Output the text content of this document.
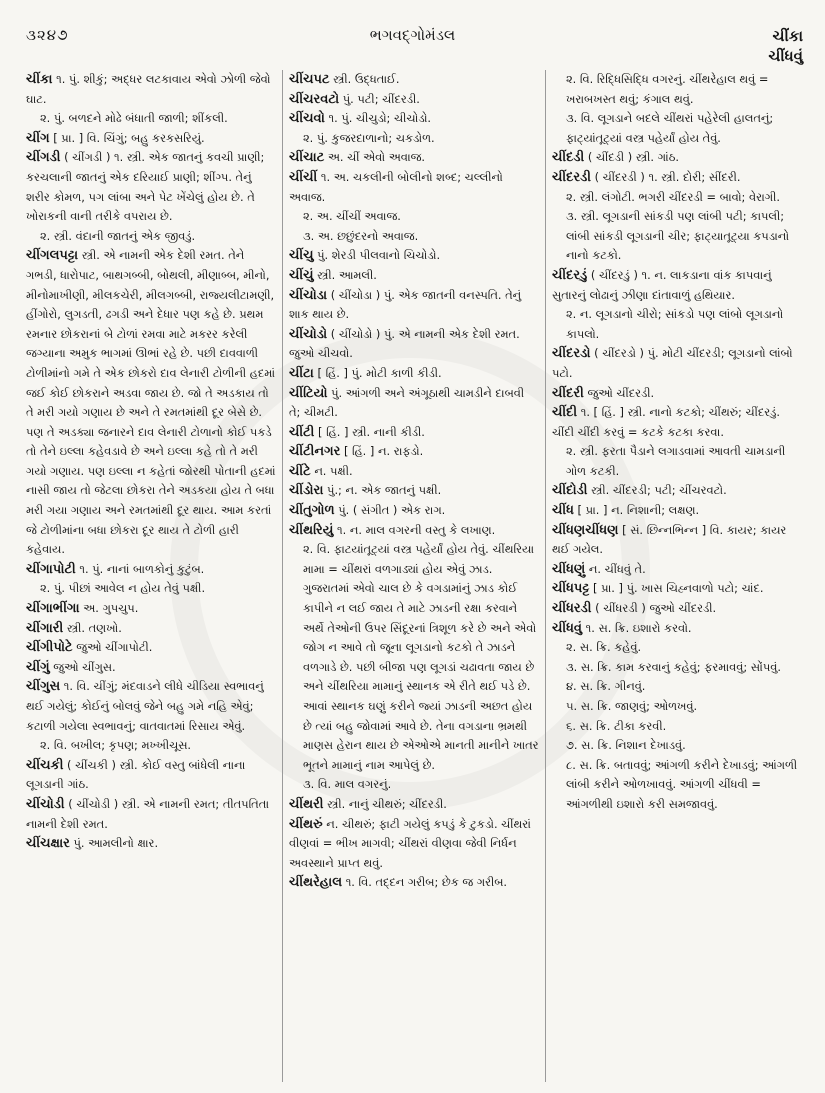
૩૨૪૭	ભગવદ્ગોમંડલ	ચીંકા
ચીંધવું
ચીંકા ૧. પું. શીકું; અદ્ધર લટકાવાય એવો ઝોળી જેવો ઘાટ.
૨. પું. બળદને મોઢે બંધાતી જાળી; શીંકલી.
ચીંગ [ પ્રા. ] વિ. ચિંગું; બહુ કરકસરિયું.
ચીંગડી ( ચીંગડી ) ૧. સ્ત્રી. એક જાતનું કવચી પ્રાણી; કરચલાની જાતનું એક દરિયાઈ પ્રાણી; શીંગ્પ. તેનું શરીર કોમળ, પગ લાંબા અને પેટ ખેંચેલું હોય છે. તે ખોરાકની વાની તરીકે વપરાય છે.
૨. સ્ત્રી. વંદાની જાતનું એક જીવડું.
ચીંગલપટ્ટા સ્ત્રી. એ નામની એક દેશી રમત. તેને ગભડી, ધારોપાટ, બાથગબ્બી, બોથલી, મીણાબ્બ, મીનો, મીનોમાખીણી, મીલકચેરી, મીલગબ્બી, રાજ્યલીટામણી, હીંગોરો, લુગડતી, ઢગડી અને દેધાર પણ કહે છે. પ્રથમ રમનાર છોકરાનાં બે ટોળાં રમવા માટે મકરર કરેલી જગ્યાના અમુક ભાગમાં ઊભાં રહે છે. પછી દાવવાળી ટોળીમાંનો ગમે તે એક છોકરો દાવ લેનારી ટોળીની હદમાં જઈ કોઈ છોકરાને અડવા જાય છે. જો તે અડકાય તો તે મરી ગયો ગણાય છે અને તે રમતમાંથી દૂર બેસે છે. પણ તે અડક્યા જનારને દાવ લેનારી ટોળાનો કોઈ પકડે તો તેને ઇલ્લા કહેવડાવે છે અને ઇલ્લા કહે તો તે મરી ગયો ગણાય. પણ ઇલ્લા ન કહેતાં જોરથી પોતાની હદમાં નાસી જાય તો જેટલા છોકરા તેને અડકયા હોય તે બધા મરી ગયા ગણાય અને રમતમાંથી દૂર થાય. આમ કરતાં જે ટોળીમાંના બધા છોકરા દૂર થાય તે ટોળી હારી કહેવાય.
ચીંગાપોટી ૧. પું. નાનાં બાળકોનું કુટુંબ.
૨. પું. પીછાં આવેલ ન હોય તેવું પક્ષી.
ચીંગાભીંગા અ. ગુપચુપ.
ચીંગારી સ્ત્રી. તણખો.
ચીંગીપોટે જુઓ ચીંગાપોટી.
ચીંગું જુઓ ચીંગુસ.
ચીંગુસ ૧. વિ. ચીંગું; મંદવાડને લીધે ચીડિયા સ્વભાવનું થઈ ગયેલું; કોઈનું બોલવું જેને બહુ ગમે નહિ એવું; કટાળી ગયેલા સ્વભાવનું; વાતવાતમાં રિસાય એવું.
૨. વિ. બખીલ; કૃપણ; મખ્ખીચૂસ.
ચીંચકી ( ચીંચકી ) સ્ત્રી. કોઈ વસ્તુ બાંધેલી નાના લૂગડાની ગાંઠ.
ચીંચોડી ( ચીંચોડી ) સ્ત્રી. એ નામની રમત; તીતપતિતા નામની દેશી રમત.
ચીંચક્ષાર પું. આમલીનો ક્ષાર.
ચીંચપટ સ્ત્રી. ઉદ્ધતાઈ.
ચીંચરવટો પું. પટી; ચીંદરડી.
ચીંચવો ૧. પું. ચીચુડો; ચીચોડો.
૨. પું. કુજરદાળાનો; ચકડોળ.
ચીંચાટ અ. ચીં એવો અવાજ.
ચીંચીં ૧. અ. ચકલીની બોલીનો શબ્દ; ચલ્લીનો અવાજ.
૨. અ. ચીંચીં અવાજ.
૩. અ. છછુંદરનો અવાજ.
ચીંચુ પું. શેરડી પીલવાનો ચિચોડો.
ચીંચું સ્ત્રી. આમલી.
ચીંચોડા ( ચીંચોડા ) પું. એક જાતની વનસ્પતિ. તેનું શાક થાય છે.
ચીંચોડો ( ચીંચોડો ) પું. એ નામની એક દેશી રમત. જુઓ ચીચવો.
ચીંટા [ હિં. ] પું. મોટી કાળી કીડી.
ચીંટિયો પું. આંગળી અને અંગૂઠાથી ચામડીને દાબવી તે; ચીમટી.
ચીંટી [ હિં. ] સ્ત્રી. નાની કીડી.
ચીંટીનગર [ હિં. ] ન. રાફડો.
ચીંટે ન. પક્ષી.
ચીંડોરા પું.; ન. એક જાતનું પક્ષી.
ચીંતુગોળ પું. ( સંગીત ) એક રાગ.
ચીંથરિયું ૧. ન. માલ વગરની વસ્તુ કે લખાણ.
૨. વિ. ફાટયાંતૂટ્યાં વસ્ત્ર પહેર્યાં હોય તેવું. ચીંથરિયા મામા = ચીંથરાં વળગાડ્યાં હોય એવું ઝાડ. ગુજરાતમાં એવો ચાલ છે કે વગડામાંનું ઝાડ કોઈ કાપીને ન લઈ જાય તે માટે ઝાડની રક્ષા કરવાને અર્થે તેઓની ઉપર સિંદૂરનાં ત્રિશૂળ કરે છે અને એવો જોગ ન આવે તો જૂના લૂગડાનો કટકો તે ઝાડને વળગાડે છે. પછી બીજા પણ લૂગડાં ચઢાવતા જાય છે અને ચીંથરિયા મામાનું સ્થાનક એ રીતે થઈ પડે છે. આવાં સ્થાનક ઘણું કરીને જ્યાં ઝાડની અછત હોય છે ત્યાં બહુ જોવામાં આવે છે. તેના વગડાના ભ્રમથી માણસ હેરાન થાય છે એઓએ માનતી માનીને ખાતર ભૂતને મામાનું નામ આપેલું છે.
૩. વિ. માલ વગરનું.
ચીંથરી સ્ત્રી. નાનું ચીથરું; ચીંદરડી.
ચીંથરું ન. ચીથરું; ફાટી ગયેલું કપડું કે ટુકડો. ચીંથરાં વીણવાં = ભીખ માગવી; ચીંથરાં વીણવા જેવી નિર્ધન અવસ્થાને પ્રાપ્ત થવું.
ચીંથરેહાલ ૧. વિ. તદ્દન ગરીબ; છેક જ ગરીબ.
૨. વિ. રિદ્ધિસિદ્ધિ વગરનું. ચીંથરેહાલ થવું = ખરાબખસ્ત થવું; કંગાલ થવું.
૩. વિ. લૂગડાને બદલે ચીંથરાં પહેરેલી હાલતનું; ફાટ્યાંતૂટ્યાં વસ્ત્ર પહેર્યાં હોય તેવું.
ચીંદડી ( ચીંદડી ) સ્ત્રી. ગાંઠ.
ચીંદરડી ( ચીંદરડી ) ૧. સ્ત્રી. દોરી; સીંદરી.
૨. સ્ત્રી. લંગોટી. ભગરી ચીંદરડી = બાવો; વેરાગી.
૩. સ્ત્રી. લૂગડાની સાંકડી પણ લાંબી પટી; કાપલી; લાંબી સાંકડી લૂગડાની ચીર; ફાટ્યાતૂટ્યા કપડાનો નાનો કટકો.
ચીંદરડું ( ચીંદરડું ) ૧. ન. લાકડાના વાંક કાપવાનું સુતારનું લોઢાનું ઝીણા દાંતાવાળું હથિયાર.
૨. ન. લૂગડાનો ચીરો; સાંકડો પણ લાંબો લૂગડાનો કાપલો.
ચીંદરડો ( ચીંદરડો ) પું. મોટી ચીંદરડી; લૂગડાનો લાંબો પટો.
ચીંદરી જુઓ ચીંદરડી.
ચીંદી ૧. [ હિં. ] સ્ત્રી. નાનો કટકો; ચીંથરું; ચીંદરડું. ચીંદી ચીંદી કરવું = કટકે કટકા કરવા.
૨. સ્ત્રી. ફરતા પૈડાને લગાડવામાં આવતી ચામડાની ગોળ કટકી.
ચીંદોડી સ્ત્રી. ચીંદરડી; પટી; ચીંચરવટો.
ચીંધ [ પ્રા. ] ન. નિશાની; લક્ષણ.
ચીંધણચીંધણ [ સં. છિન્નભિન્ન ] વિ. કાયર; કાયર થઈ ગયેલ.
ચીંધણું ન. ચીંધવું તે.
ચીંધપટ્ટ [ પ્રા. ] પું. ખાસ ચિહ્નવાળો પટો; ચાંદ.
ચીંધરડી ( ચીંધરડી ) જુઓ ચીંદરડી.
ચીંધવું ૧. સ. ક્રિ. ઇશારો કરવો.
૨. સ. ક્રિ. કહેવું.
૩. સ. ક્રિ. કામ કરવાનું કહેવું; ફરમાવવું; સોંપવું.
૪. સ. ક્રિ. ગીનવું.
૫. સ. ક્રિ. જાણવું; ઓળખવું.
૬. સ. ક્રિ. ટીકા કરવી.
૭. સ. ક્રિ. નિશાન દેખાડવું.
૮. સ. ક્રિ. બતાવવું; આંગળી કરીને દેખાડવું; આંગળી લાંબી કરીને ઓળખાવવું. આંગળી ચીંધવી = આંગળીથી ઇશારો કરી સમજાવવું.
